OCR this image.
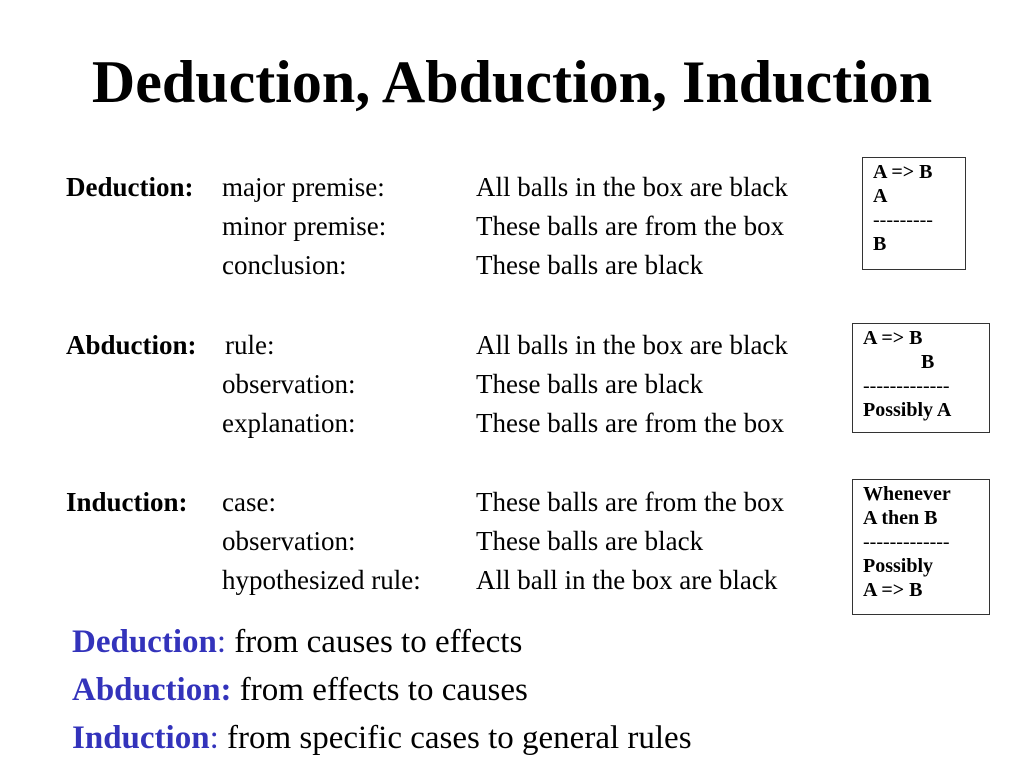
Deduction, Abduction, Induction
Deduction: major premise:	All balls in the box are black
minor premise:	These balls are from the box
conclusion:	These balls are black
Abduction: rule:	All balls in the box are black
observation:	These balls are black
explanation:	These balls are from the box
Induction: case:	These balls are from the box
observation:	These balls are black
hypothesized rule: All ball in the box are black
A => B
A
---------
B
A => B
B
-------------
Possibly A
Whenever
A then B
-------------
Possibly
A => B
Deduction: from causes to effects
Abduction: from effects to causes
Induction: from specific cases to general rules
